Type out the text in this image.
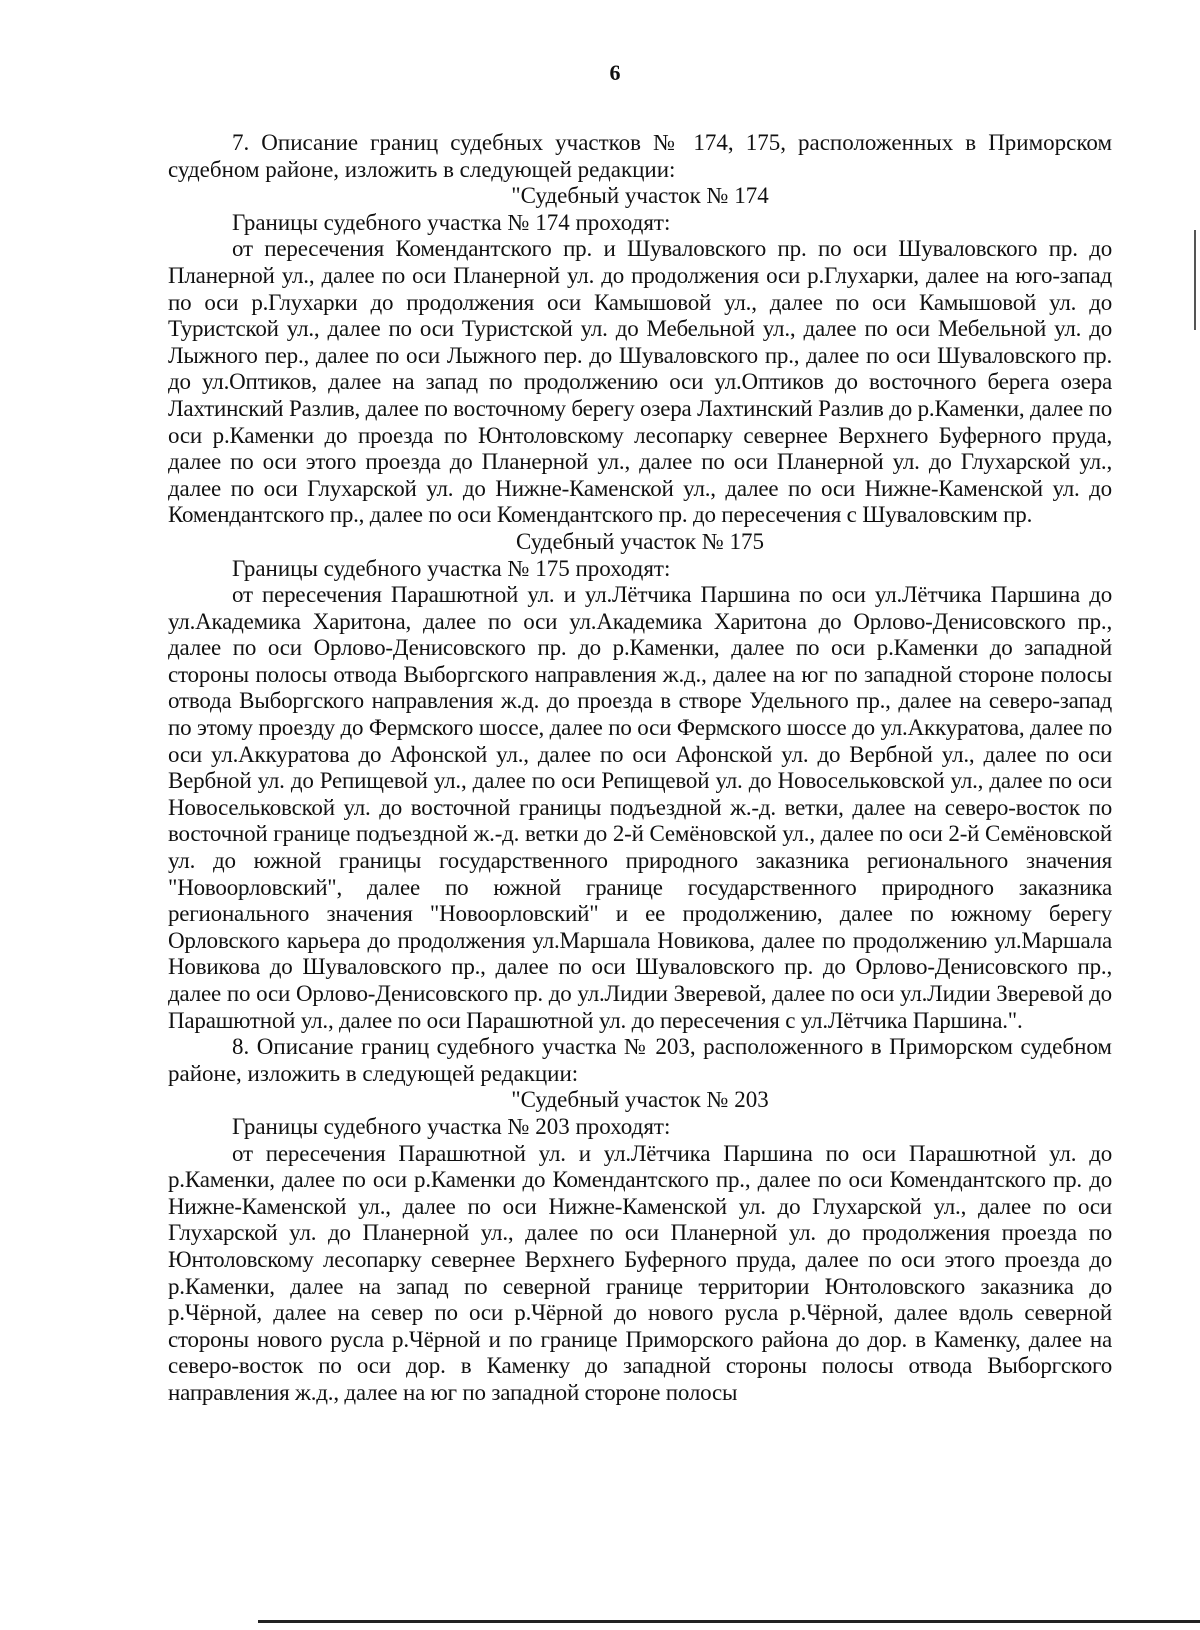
6

7. Описание границ судебных участков № 174, 175, расположенных в Приморском судебном районе, изложить в следующей редакции:

"Судебный участок № 174

Границы судебного участка № 174 проходят:

от пересечения Комендантского пр. и Шуваловского пр. по оси Шуваловского пр. до Планерной ул., далее по оси Планерной ул. до продолжения оси р.Глухарки, далее на юго-запад по оси р.Глухарки до продолжения оси Камышовой ул., далее по оси Камышовой ул. до Туристской ул., далее по оси Туристской ул. до Мебельной ул., далее по оси Мебельной ул. до Лыжного пер., далее по оси Лыжного пер. до Шуваловского пр., далее по оси Шуваловского пр. до ул.Оптиков, далее на запад по продолжению оси ул.Оптиков до восточного берега озера Лахтинский Разлив, далее по восточному берегу озера Лахтинский Разлив до р.Каменки, далее по оси р.Каменки до проезда по Юнтоловскому лесопарку севернее Верхнего Буферного пруда, далее по оси этого проезда до Планерной ул., далее по оси Планерной ул. до Глухарской ул., далее по оси Глухарской ул. до Нижне-Каменской ул., далее по оси Нижне-Каменской ул. до Комендантского пр., далее по оси Комендантского пр. до пересечения с Шуваловским пр.

Судебный участок № 175

Границы судебного участка № 175 проходят:

от пересечения Парашютной ул. и ул.Лётчика Паршина по оси ул.Лётчика Паршина до ул.Академика Харитона, далее по оси ул.Академика Харитона до Орлово-Денисовского пр., далее по оси Орлово-Денисовского пр. до р.Каменки, далее по оси р.Каменки до западной стороны полосы отвода Выборгского направления ж.д., далее на юг по западной стороне полосы отвода Выборгского направления ж.д. до проезда в створе Удельного пр., далее на северо-запад по этому проезду до Фермского шоссе, далее по оси Фермского шоссе до ул.Аккуратова, далее по оси ул.Аккуратова до Афонской ул., далее по оси Афонской ул. до Вербной ул., далее по оси Вербной ул. до Репищевой ул., далее по оси Репищевой ул. до Новосельковской ул., далее по оси Новосельковской ул. до восточной границы подъездной ж.-д. ветки, далее на северо-восток по восточной границе подъездной ж.-д. ветки до 2-й Семёновской ул., далее по оси 2-й Семёновской ул. до южной границы государственного природного заказника регионального значения "Новоорловский", далее по южной границе государственного природного заказника регионального значения "Новоорловский" и ее продолжению, далее по южному берегу Орловского карьера до продолжения ул.Маршала Новикова, далее по продолжению ул.Маршала Новикова до Шуваловского пр., далее по оси Шуваловского пр. до Орлово-Денисовского пр., далее по оси Орлово-Денисовского пр. до ул.Лидии Зверевой, далее по оси ул.Лидии Зверевой до Парашютной ул., далее по оси Парашютной ул. до пересечения с ул.Лётчика Паршина.".

8. Описание границ судебного участка № 203, расположенного в Приморском судебном районе, изложить в следующей редакции:

"Судебный участок № 203

Границы судебного участка № 203 проходят:

от пересечения Парашютной ул. и ул.Лётчика Паршина по оси Парашютной ул. до р.Каменки, далее по оси р.Каменки до Комендантского пр., далее по оси Комендантского пр. до Нижне-Каменской ул., далее по оси Нижне-Каменской ул. до Глухарской ул., далее по оси Глухарской ул. до Планерной ул., далее по оси Планерной ул. до продолжения проезда по Юнтоловскому лесопарку севернее Верхнего Буферного пруда, далее по оси этого проезда до р.Каменки, далее на запад по северной границе территории Юнтоловского заказника до р.Чёрной, далее на север по оси р.Чёрной до нового русла р.Чёрной, далее вдоль северной стороны нового русла р.Чёрной и по границе Приморского района до дор. в Каменку, далее на северо-восток по оси дор. в Каменку до западной стороны полосы отвода Выборгского направления ж.д., далее на юг по западной стороне полосы
